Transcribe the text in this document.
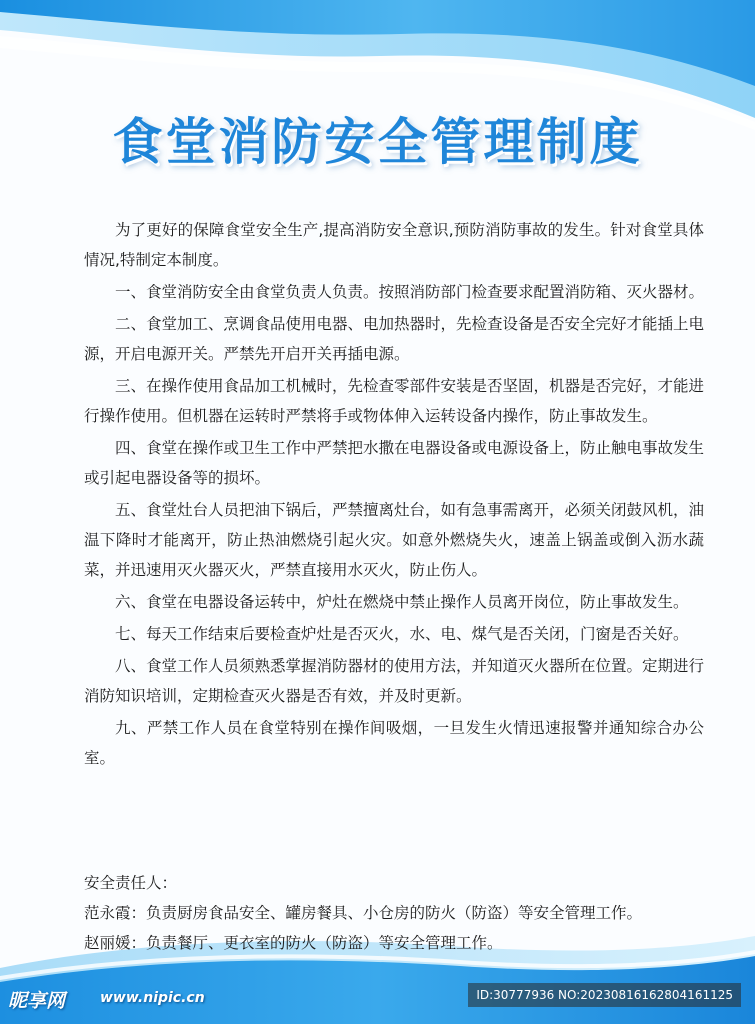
食堂消防安全管理制度

为了更好的保障食堂安全生产,提高消防安全意识,预防消防事故的发生。针对食堂具体情况,特制定本制度。

一、食堂消防安全由食堂负责人负责。按照消防部门检查要求配置消防箱、灭火器材。

二、食堂加工、烹调食品使用电器、电加热器时，先检查设备是否安全完好才能插上电源，开启电源开关。严禁先开启开关再插电源。

三、在操作使用食品加工机械时，先检查零部件安装是否坚固，机器是否完好，才能进行操作使用。但机器在运转时严禁将手或物体伸入运转设备内操作，防止事故发生。

四、食堂在操作或卫生工作中严禁把水撒在电器设备或电源设备上，防止触电事故发生或引起电器设备等的损坏。

五、食堂灶台人员把油下锅后，严禁擅离灶台，如有急事需离开，必须关闭鼓风机，油温下降时才能离开，防止热油燃烧引起火灾。如意外燃烧失火，速盖上锅盖或倒入沥水蔬菜，并迅速用灭火器灭火，严禁直接用水灭火，防止伤人。

六、食堂在电器设备运转中，炉灶在燃烧中禁止操作人员离开岗位，防止事故发生。

七、每天工作结束后要检查炉灶是否灭火，水、电、煤气是否关闭，门窗是否关好。

八、食堂工作人员须熟悉掌握消防器材的使用方法，并知道灭火器所在位置。定期进行消防知识培训，定期检查灭火器是否有效，并及时更新。

九、严禁工作人员在食堂特别在操作间吸烟，一旦发生火情迅速报警并通知综合办公室。

安全责任人：
范永霞：负责厨房食品安全、罐房餐具、小仓房的防火（防盗）等安全管理工作。
赵丽媛：负责餐厅、更衣室的防火（防盗）等安全管理工作。
昵享网 www.nipic.cn	ID:30777936 NO:20230816162804161125
